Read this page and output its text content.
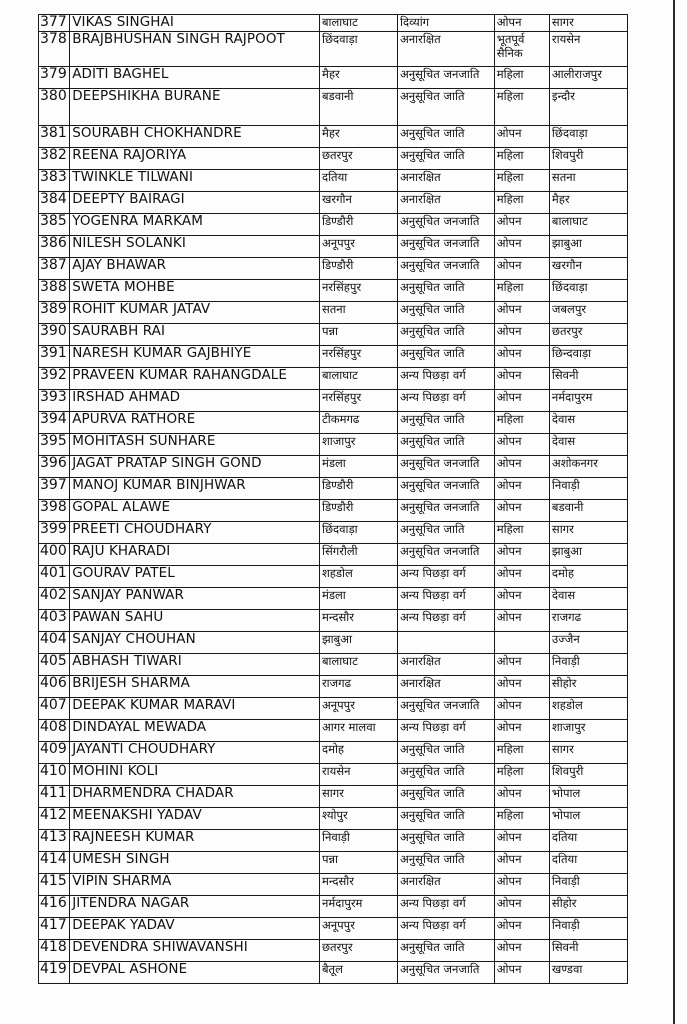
377	VIKAS SINGHAI	बालाघाट	दिव्यांग	ओपन	सागर
378	BRAJBHUSHAN SINGH RAJPOOT	छिंदवाड़ा	अनारक्षित	भूतपूर्व सैनिक	रायसेन
379	ADITI BAGHEL	मैहर	अनुसूचित जनजाति	महिला	आलीराजपुर
380	DEEPSHIKHA BURANE	बडवानी	अनुसूचित जाति	महिला	इन्दौर
381	SOURABH CHOKHANDRE	मैहर	अनुसूचित जाति	ओपन	छिंदवाड़ा
382	REENA RAJORIYA	छतरपुर	अनुसूचित जाति	महिला	शिवपुरी
383	TWINKLE TILWANI	दतिया	अनारक्षित	महिला	सतना
384	DEEPTY BAIRAGI	खरगौन	अनारक्षित	महिला	मैहर
385	YOGENRA MARKAM	डिण्डौरी	अनुसूचित जनजाति	ओपन	बालाघाट
386	NILESH SOLANKI	अनूपपुर	अनुसूचित जनजाति	ओपन	झाबुआ
387	AJAY BHAWAR	डिण्डौरी	अनुसूचित जनजाति	ओपन	खरगौन
388	SWETA MOHBE	नरसिंहपुर	अनुसूचित जाति	महिला	छिंदवाड़ा
389	ROHIT KUMAR JATAV	सतना	अनुसूचित जाति	ओपन	जबलपुर
390	SAURABH RAI	पन्ना	अनुसूचित जाति	ओपन	छतरपुर
391	NARESH KUMAR GAJBHIYE	नरसिंहपुर	अनुसूचित जाति	ओपन	छिन्दवाड़ा
392	PRAVEEN KUMAR RAHANGDALE	बालाघाट	अन्य पिछड़ा वर्ग	ओपन	सिवनी
393	IRSHAD AHMAD	नरसिंहपुर	अन्य पिछड़ा वर्ग	ओपन	नर्मदापुरम
394	APURVA RATHORE	टीकमगढ	अनुसूचित जाति	महिला	देवास
395	MOHITASH SUNHARE	शाजापुर	अनुसूचित जाति	ओपन	देवास
396	JAGAT PRATAP SINGH GOND	मंडला	अनुसूचित जनजाति	ओपन	अशोकनगर
397	MANOJ KUMAR BINJHWAR	डिण्डौरी	अनुसूचित जनजाति	ओपन	निवाड़ी
398	GOPAL ALAWE	डिण्डौरी	अनुसूचित जनजाति	ओपन	बडवानी
399	PREETI CHOUDHARY	छिंदवाड़ा	अनुसूचित जाति	महिला	सागर
400	RAJU KHARADI	सिंगरौली	अनुसूचित जनजाति	ओपन	झाबुआ
401	GOURAV PATEL	शहडोल	अन्य पिछड़ा वर्ग	ओपन	दमोह
402	SANJAY PANWAR	मंडला	अन्य पिछड़ा वर्ग	ओपन	देवास
403	PAWAN SAHU	मन्दसौर	अन्य पिछड़ा वर्ग	ओपन	राजगढ
404	SANJAY CHOUHAN	झाबुआ			उज्जैन
405	ABHASH TIWARI	बालाघाट	अनारक्षित	ओपन	निवाड़ी
406	BRIJESH SHARMA	राजगढ	अनारक्षित	ओपन	सीहोर
407	DEEPAK KUMAR MARAVI	अनूपपुर	अनुसूचित जनजाति	ओपन	शहडोल
408	DINDAYAL MEWADA	आगर मालवा	अन्य पिछड़ा वर्ग	ओपन	शाजापुर
409	JAYANTI CHOUDHARY	दमोह	अनुसूचित जाति	महिला	सागर
410	MOHINI KOLI	रायसेन	अनुसूचित जाति	महिला	शिवपुरी
411	DHARMENDRA CHADAR	सागर	अनुसूचित जाति	ओपन	भोपाल
412	MEENAKSHI YADAV	श्योपुर	अनुसूचित जाति	महिला	भोपाल
413	RAJNEESH KUMAR	निवाड़ी	अनुसूचित जाति	ओपन	दतिया
414	UMESH SINGH	पन्ना	अनुसूचित जाति	ओपन	दतिया
415	VIPIN SHARMA	मन्दसौर	अनारक्षित	ओपन	निवाड़ी
416	JITENDRA NAGAR	नर्मदापुरम	अन्य पिछड़ा वर्ग	ओपन	सीहोर
417	DEEPAK YADAV	अनूपपुर	अन्य पिछड़ा वर्ग	ओपन	निवाड़ी
418	DEVENDRA SHIWAVANSHI	छतरपुर	अनुसूचित जाति	ओपन	सिवनी
419	DEVPAL ASHONE	बैतूल	अनुसूचित जनजाति	ओपन	खण्डवा
